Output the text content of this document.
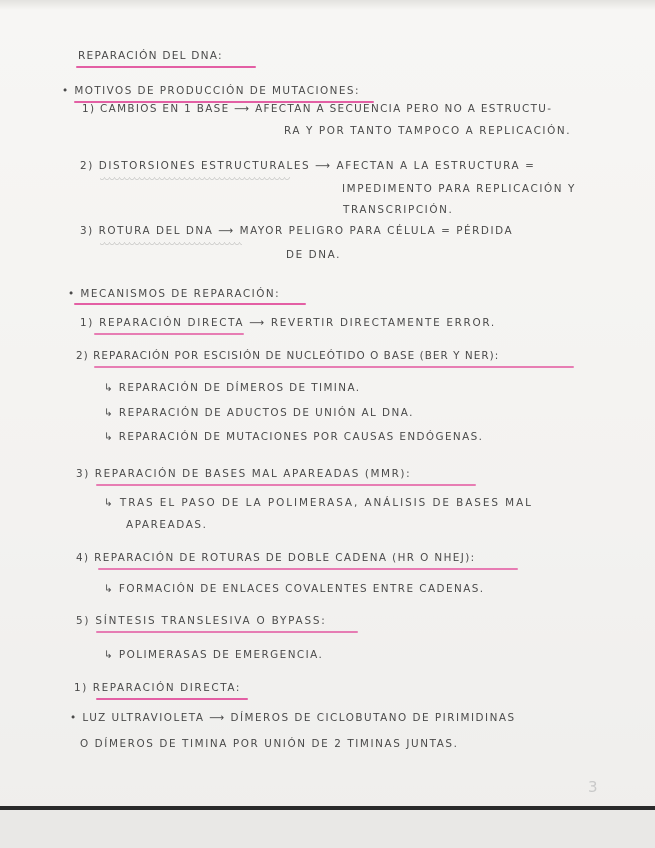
REPARACIÓN DEL DNA:
• MOTIVOS DE PRODUCCIÓN DE MUTACIONES:
1) CAMBIOS EN 1 BASE ⟶ AFECTAN A SECUENCIA PERO NO A ESTRUCTU-
RA Y POR TANTO TAMPOCO A REPLICACIÓN.
2) DISTORSIONES ESTRUCTURALES ⟶ AFECTAN A LA ESTRUCTURA =
IMPEDIMENTO PARA REPLICACIÓN Y
TRANSCRIPCIÓN.
3) ROTURA DEL DNA ⟶ MAYOR PELIGRO PARA CÉLULA = PÉRDIDA
DE DNA.
• MECANISMOS DE REPARACIÓN:
1) REPARACIÓN DIRECTA ⟶ REVERTIR DIRECTAMENTE ERROR.
2) REPARACIÓN POR ESCISIÓN DE NUCLEÓTIDO O BASE (BER Y NER):
↳ REPARACIÓN DE DÍMEROS DE TIMINA.
↳ REPARACIÓN DE ADUCTOS DE UNIÓN AL DNA.
↳ REPARACIÓN DE MUTACIONES POR CAUSAS ENDÓGENAS.
3) REPARACIÓN DE BASES MAL APAREADAS (MMR):
↳ TRAS EL PASO DE LA POLIMERASA, ANÁLISIS DE BASES MAL
APAREADAS.
4) REPARACIÓN DE ROTURAS DE DOBLE CADENA (HR O NHEJ):
↳ FORMACIÓN DE ENLACES COVALENTES ENTRE CADENAS.
5) SÍNTESIS TRANSLESIVA O BYPASS:
↳ POLIMERASAS DE EMERGENCIA.
1) REPARACIÓN DIRECTA:
• LUZ ULTRAVIOLETA ⟶ DÍMEROS DE CICLOBUTANO DE PIRIMIDINAS
O DÍMEROS DE TIMINA POR UNIÓN DE 2 TIMINAS JUNTAS.
3
